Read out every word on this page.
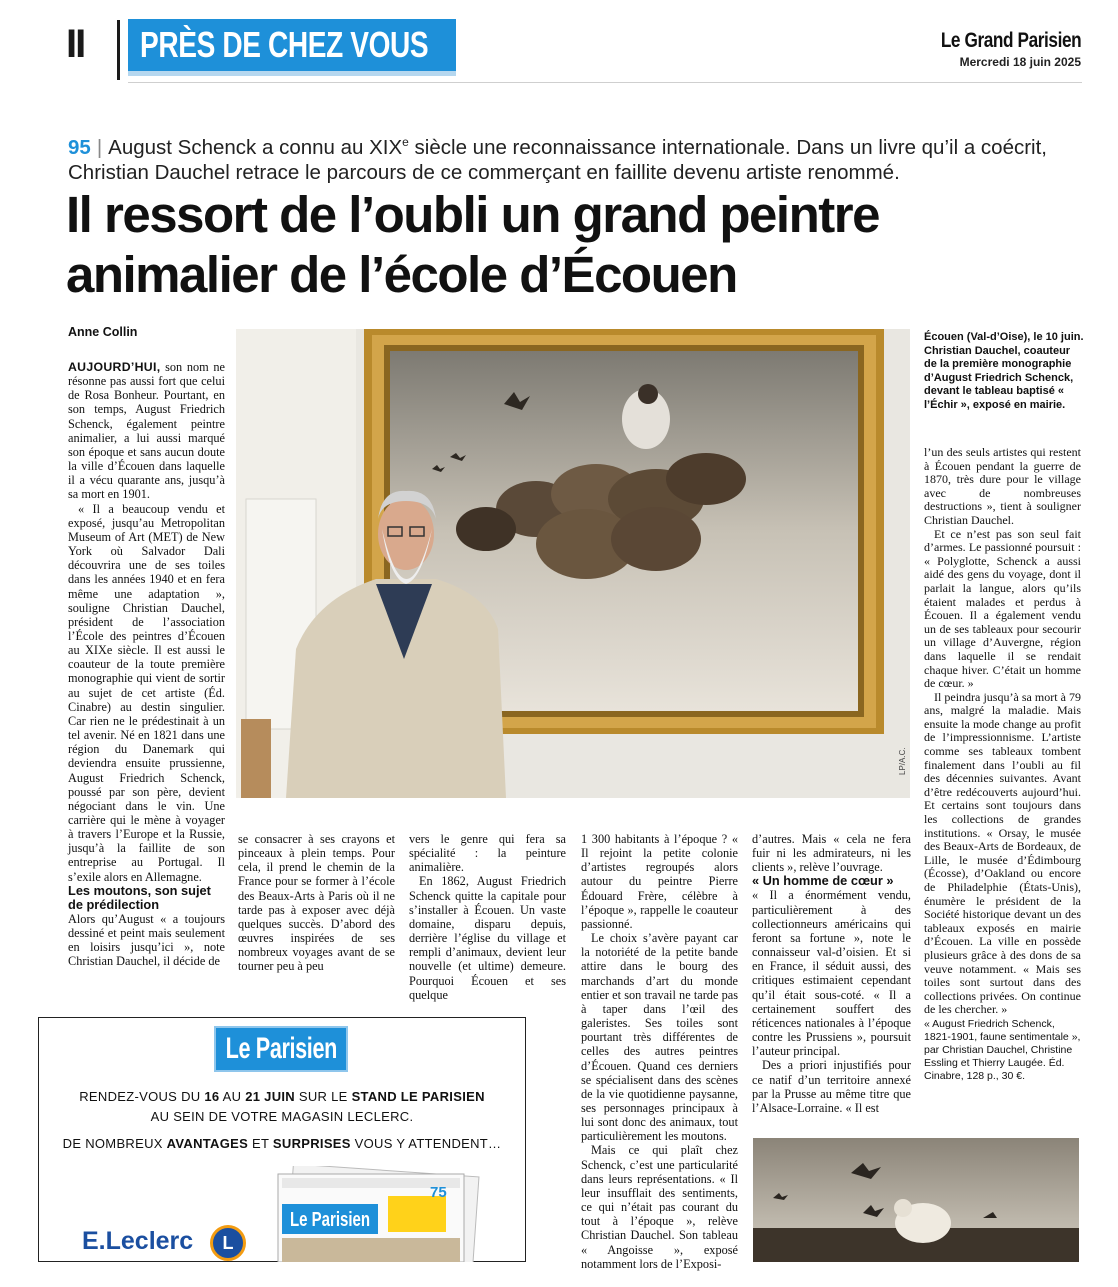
II PRÈS DE CHEZ VOUS	Le Grand Parisien
Mercredi 18 juin 2025
95 | August Schenck a connu au XIXe siècle une reconnaissance internationale. Dans un livre qu’il a coécrit, Christian Dauchel retrace le parcours de ce commerçant en faillite devenu artiste renommé.
Il ressort de l’oubli un grand peintre animalier de l’école d’Écouen
Anne Collin

AUJOURD’HUI, son nom ne résonne pas aussi fort que celui de Rosa Bonheur. Pourtant, en son temps, August Friedrich Schenck, également peintre animalier, a lui aussi marqué son époque et sans aucun doute la ville d’Écouen dans laquelle il a vécu quarante ans, jusqu’à sa mort en 1901.

« Il a beaucoup vendu et exposé, jusqu’au Metropolitan Museum of Art (MET) de New York où Salvador Dali découvrira une de ses toiles dans les années 1940 et en fera même une adaptation », souligne Christian Dauchel, président de l’association l’École des peintres d’Écouen au XIXe siècle. Il est aussi le coauteur de la toute première monographie qui vient de sortir au sujet de cet artiste (Éd. Cinabre) au destin singulier. Car rien ne le prédestinait à un tel avenir. Né en 1821 dans une région du Danemark qui deviendra ensuite prussienne, August Friedrich Schenck, poussé par son père, devient négociant dans le vin. Une carrière qui le mène à voyager à travers l’Europe et la Russie, jusqu’à la faillite de son entreprise au Portugal. Il s’exile alors en Allemagne.

Les moutons, son sujet de prédilection

Alors qu’August « a toujours dessiné et peint mais seulement en loisirs jusqu’ici », note Christian Dauchel, il décide de

se consacrer à ses crayons et pinceaux à plein temps. Pour cela, il prend le chemin de la France pour se former à l’école des Beaux-Arts à Paris où il ne tarde pas à exposer avec déjà quelques succès. D’abord des œuvres inspirées de ses nombreux voyages avant de se tourner peu à peu

vers le genre qui fera sa spécialité : la peinture animalière.

En 1862, August Friedrich Schenck quitte la capitale pour s’installer à Écouen. Un vaste domaine, disparu depuis, derrière l’église du village et rempli d’animaux, devient leur nouvelle (et ultime) demeure. Pourquoi Écouen et ses quelque

1 300 habitants à l’époque ? « Il rejoint la petite colonie d’artistes regroupés alors autour du peintre Pierre Édouard Frère, célèbre à l’époque », rappelle le coauteur passionné.

Le choix s’avère payant car la notoriété de la petite bande attire dans le bourg des marchands d’art du monde entier et son travail ne tarde pas à taper dans l’œil des galeristes. Ses toiles sont pourtant très différentes de celles des autres peintres d’Écouen. Quand ces derniers se spécialisent dans des scènes de la vie quotidienne paysanne, ses personnages principaux à lui sont donc des animaux, tout particulièrement les moutons.

Mais ce qui plaît chez Schenck, c’est une particularité dans leurs représentations. « Il leur insufflait des sentiments, ce qui n’était pas courant du tout à l’époque », relève Christian Dauchel. Son tableau « Angoisse », exposé notamment lors de l’Exposi-

d’autres. Mais « cela ne fera fuir ni les admirateurs, ni les clients », relève l’ouvrage.

« Un homme de cœur »

« Il a énormément vendu, particulièrement à des collectionneurs américains qui feront sa fortune », note le connaisseur val-d’oisien. Et si en France, il séduit aussi, des critiques estimaient cependant qu’il était sous-coté. « Il a certainement souffert des réticences nationales à l’époque contre les Prussiens », poursuit l’auteur principal.

Des a priori injustifiés pour ce natif d’un territoire annexé par la Prusse au même titre que l’Alsace-Lorraine. « Il est

l’un des seuls artistes qui restent à Écouen pendant la guerre de 1870, très dure pour le village avec de nombreuses destructions », tient à souligner Christian Dauchel.

Et ce n’est pas son seul fait d’armes. Le passionné poursuit : « Polyglotte, Schenck a aussi aidé des gens du voyage, dont il parlait la langue, alors qu’ils étaient malades et perdus à Écouen. Il a également vendu un de ses tableaux pour secourir un village d’Auvergne, région dans laquelle il se rendait chaque hiver. C’était un homme de cœur. »

Il peindra jusqu’à sa mort à 79 ans, malgré la maladie. Mais ensuite la mode change au profit de l’impressionnisme. L’artiste comme ses tableaux tombent finalement dans l’oubli au fil des décennies suivantes. Avant d’être redécouverts aujourd’hui. Et certains sont toujours dans les collections de grandes institutions. « Orsay, le musée des Beaux-Arts de Bordeaux, de Lille, le musée d’Édimbourg (Écosse), d’Oakland ou encore de Philadelphie (États-Unis), énumère le président de la Société historique devant un des tableaux exposés en mairie d’Écouen. La ville en possède plusieurs grâce à des dons de sa veuve notamment. « Mais ses toiles sont surtout dans des collections privées. On continue de les chercher. »

« August Friedrich Schenck, 1821-1901, faune sentimentale », par Christian Dauchel, Christine Essling et Thierry Laugée. Éd. Cinabre, 128 p., 30 €.

LP/A.C.
Écouen (Val-d’Oise), le 10 juin. Christian Dauchel, coauteur de la première monographie d’August Friedrich Schenck, devant le tableau baptisé « l’Échir », exposé en mairie.
Le Parisien
RENDEZ-VOUS DU 16 AU 21 JUIN SUR LE STAND LE PARISIEN
AU SEIN DE VOTRE MAGASIN LECLERC.
DE NOMBREUX AVANTAGES ET SURPRISES VOUS Y ATTENDENT…
E.Leclerc	L
Le Parisien
75
